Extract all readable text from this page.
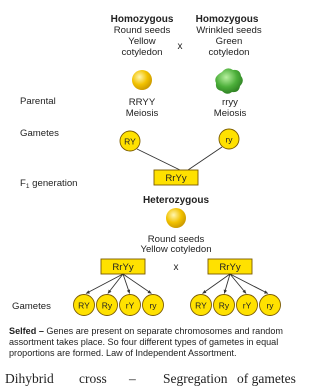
Homozygous
Round seeds
Yellow
cotyledon
x
Homozygous
Wrinkled seeds
Green
cotyledon
Parental
Gametes
$F_1$ generation
RRYY
Meiosis
rryy
Meiosis
RY	ry
RrYy
Heterozygous
Round seeds
Yellow cotyledon
RrYy	x	RrYy
RY Ry rY ry	RY Ry rY ry
Gametes
Selfed – Genes are present on separate chromosomes and random assortment takes place. So four different types of gametes in equal proportions are formed. Law of Independent Assortment.
Dihybrid cross – Segregation of gametes
